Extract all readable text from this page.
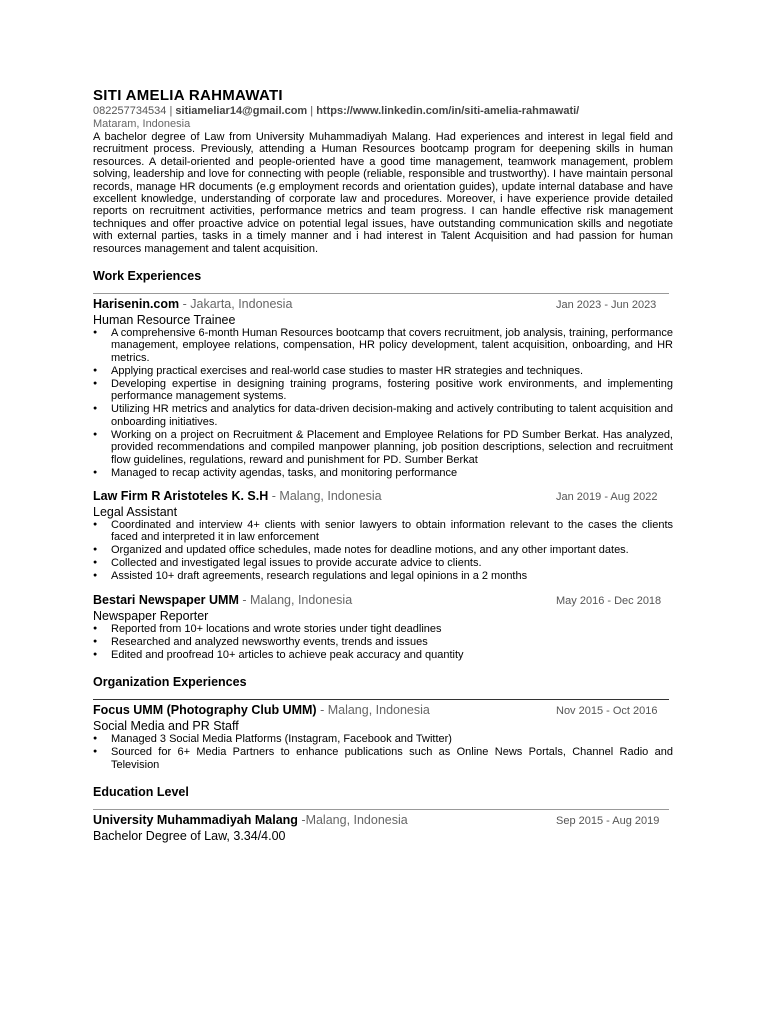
SITI AMELIA RAHMAWATI
082257734534 | sitiameliar14@gmail.com | https://www.linkedin.com/in/siti-amelia-rahmawati/
Mataram, Indonesia
A bachelor degree of Law from University Muhammadiyah Malang. Had experiences and interest in legal field and recruitment process. Previously, attending a Human Resources bootcamp program for deepening skills in human resources. A detail-oriented and people-oriented have a good time management, teamwork management, problem solving, leadership and love for connecting with people (reliable, responsible and trustworthy). I have maintain personal records, manage HR documents (e.g employment records and orientation guides), update internal database and have excellent knowledge, understanding of corporate law and procedures. Moreover, i have experience provide detailed reports on recruitment activities, performance metrics and team progress. I can handle effective risk management techniques and offer proactive advice on potential legal issues, have outstanding communication skills and negotiate with external parties, tasks in a timely manner and i had interest in Talent Acquisition and had passion for human resources management and talent acquisition.
Work Experiences
Harisenin.com - Jakarta, Indonesia	Jan 2023 - Jun 2023
Human Resource Trainee
● A comprehensive 6-month Human Resources bootcamp that covers recruitment, job analysis, training, performance management, employee relations, compensation, HR policy development, talent acquisition, onboarding, and HR metrics.
● Applying practical exercises and real-world case studies to master HR strategies and techniques.
● Developing expertise in designing training programs, fostering positive work environments, and implementing performance management systems.
● Utilizing HR metrics and analytics for data-driven decision-making and actively contributing to talent acquisition and onboarding initiatives.
● Working on a project on Recruitment & Placement and Employee Relations for PD Sumber Berkat. Has analyzed, provided recommendations and compiled manpower planning, job position descriptions, selection and recruitment flow guidelines, regulations, reward and punishment for PD. Sumber Berkat
● Managed to recap activity agendas, tasks, and monitoring performance
Law Firm R Aristoteles K. S.H - Malang, Indonesia	Jan 2019 - Aug 2022
Legal Assistant
● Coordinated and interview 4+ clients with senior lawyers to obtain information relevant to the cases the clients faced and interpreted it in law enforcement
● Organized and updated office schedules, made notes for deadline motions, and any other important dates.
● Collected and investigated legal issues to provide accurate advice to clients.
● Assisted 10+ draft agreements, research regulations and legal opinions in a 2 months
Bestari Newspaper UMM - Malang, Indonesia	May 2016 - Dec 2018
Newspaper Reporter
● Reported from 10+ locations and wrote stories under tight deadlines
● Researched and analyzed newsworthy events, trends and issues
● Edited and proofread 10+ articles to achieve peak accuracy and quantity
Organization Experiences
Focus UMM (Photography Club UMM) - Malang, Indonesia	Nov 2015 - Oct 2016
Social Media and PR Staff
● Managed 3 Social Media Platforms (Instagram, Facebook and Twitter)
● Sourced for 6+ Media Partners to enhance publications such as Online News Portals, Channel Radio and Television
Education Level
University Muhammadiyah Malang -Malang, Indonesia	Sep 2015 - Aug 2019
Bachelor Degree of Law, 3.34/4.00
